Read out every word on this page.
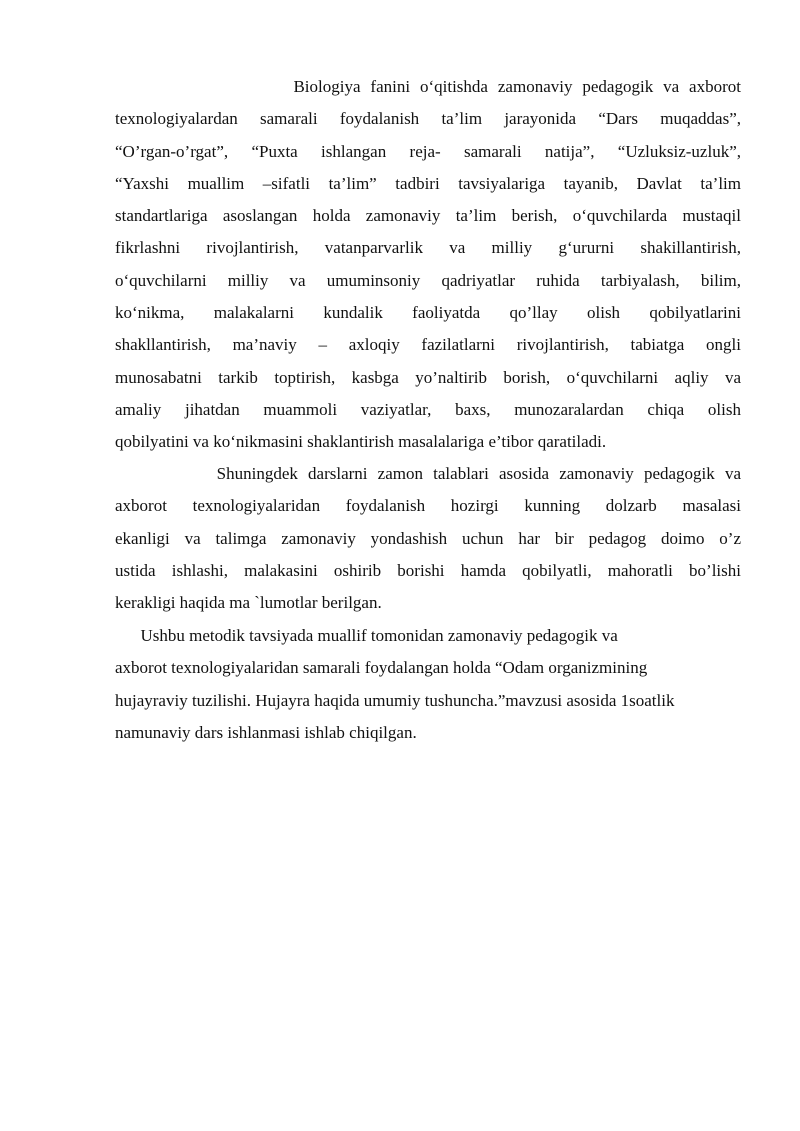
Biologiya fanini o‘qitishda zamonaviy pedagogik va axborot
texnologiyalardan samarali foydalanish ta’lim jarayonida “Dars muqaddas”,
“O’rgan-o’rgat”, “Puxta ishlangan reja- samarali natija”, “Uzluksiz-uzluk”,
“Yaxshi muallim –sifatli ta’lim” tadbiri tavsiyalariga tayanib, Davlat ta’lim
standartlariga asoslangan holda zamonaviy ta’lim berish, o‘quvchilarda mustaqil
fikrlashni rivojlantirish, vatanparvarlik va milliy g‘ururni shakillantirish,
o‘quvchilarni milliy va umuminsoniy qadriyatlar ruhida tarbiyalash, bilim,
ko‘nikma, malakalarni kundalik faoliyatda qo’llay olish qobilyatlarini
shakllantirish, ma’naviy – axloqiy fazilatlarni rivojlantirish, tabiatga ongli
munosabatni tarkib toptirish, kasbga yo’naltirib borish, o‘quvchilarni aqliy va
amaliy jihatdan muammoli vaziyatlar, baxs, munozaralardan chiqa olish
qobilyatini va ko‘nikmasini shaklantirish masalalariga e’tibor qaratiladi.
Shuningdek darslarni zamon talablari asosida zamonaviy pedagogik va
axborot texnologiyalaridan foydalanish hozirgi kunning dolzarb masalasi
ekanligi va talimga zamonaviy yondashish uchun har bir pedagog doimo o’z
ustida ishlashi, malakasini oshirib borishi hamda qobilyatli, mahoratli bo’lishi
kerakligi haqida ma `lumotlar berilgan.
Ushbu metodik tavsiyada muallif tomonidan zamonaviy pedagogik va
axborot texnologiyalaridan samarali foydalangan holda “Odam organizmining
hujayraviy tuzilishi. Hujayra haqida umumiy tushuncha.”mavzusi asosida 1soatlik
namunaviy dars ishlanmasi ishlab chiqilgan.
